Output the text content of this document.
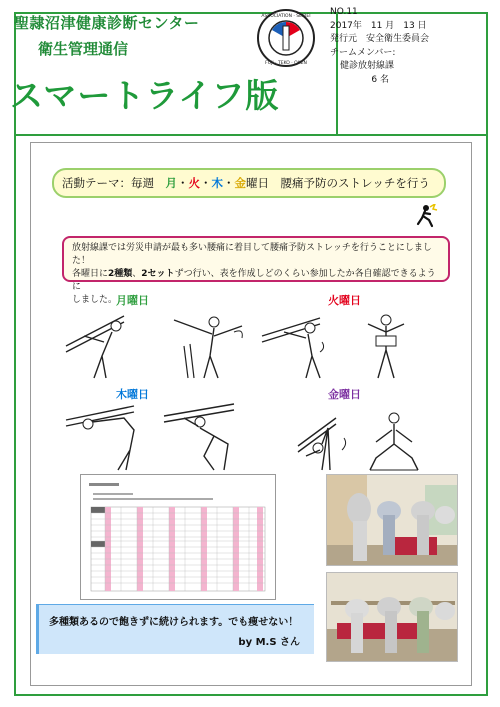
聖隷沼津健康診断センター
衛生管理通信
スマートライフ版
ASSOCIATION · SEIREI
FUJI · TEKO · OKEN
NO.11
2017年　11 月　13 日
発行元　安全衛生委員会
チームメンバー:
健診放射線課
6 名
活動テーマ：毎週　 月 ・ 火 ・ 木 ・ 金 曜日　腰痛予防のストレッチを行う
放射線課では労災申請が最も多い腰痛に着目して腰痛予防ストレッチを行うことにしました！
各曜日に2種類、2セットずつ行い、表を作成しどのくらい参加したか各自確認できるように
しました。
月曜日	火曜日
木曜日	金曜日
多種類あるので飽きずに続けられます。でも痩せない！
by M.S さん
